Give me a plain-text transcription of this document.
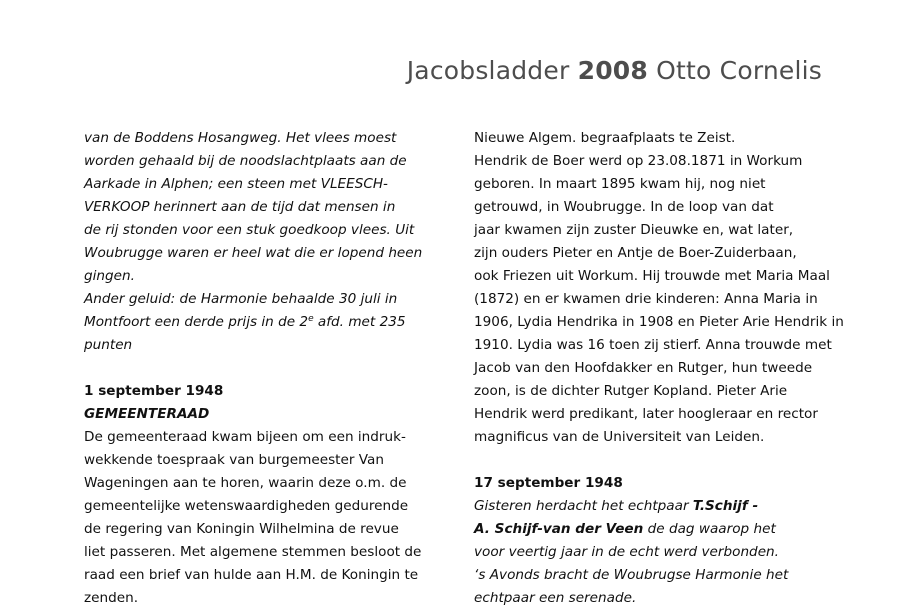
Jacobsladder 2008 Otto Cornelis
van de Boddens Hosangweg. Het vlees moest
worden gehaald bij de noodslachtplaats aan de
Aarkade in Alphen; een steen met VLEESCH-
VERKOOP herinnert aan de tijd dat mensen in
de rij stonden voor een stuk goedkoop vlees. Uit
Woubrugge waren er heel wat die er lopend heen
gingen.
Ander geluid: de Harmonie behaalde 30 juli in
Montfoort een derde prijs in de 2e afd. met 235
punten
1 september 1948
GEMEENTERAAD
De gemeenteraad kwam bijeen om een indruk-
wekkende toespraak van burgemeester Van
Wageningen aan te horen, waarin deze o.m. de
gemeentelijke wetenswaardigheden gedurende
de regering van Koningin Wilhelmina de revue
liet passeren. Met algemene stemmen besloot de
raad een brief van hulde aan H.M. de Koningin te
zenden.
Nieuwe Algem. begraafplaats te Zeist.
Hendrik de Boer werd op 23.08.1871 in Workum
geboren. In maart 1895 kwam hij, nog niet
getrouwd, in Woubrugge. In de loop van dat
jaar kwamen zijn zuster Dieuwke en, wat later,
zijn ouders Pieter en Antje de Boer-Zuiderbaan,
ook Friezen uit Workum. Hij trouwde met Maria Maal
(1872) en er kwamen drie kinderen: Anna Maria in
1906, Lydia Hendrika in 1908 en Pieter Arie Hendrik in
1910. Lydia was 16 toen zij stierf. Anna trouwde met
Jacob van den Hoofdakker en Rutger, hun tweede
zoon, is de dichter Rutger Kopland. Pieter Arie
Hendrik werd predikant, later hoogleraar en rector
magnificus van de Universiteit van Leiden.
17 september 1948
Gisteren herdacht het echtpaar T.Schijf -
A. Schijf-van der Veen de dag waarop het
voor veertig jaar in de echt werd verbonden.
‘s Avonds bracht de Woubrugse Harmonie het
echtpaar een serenade.
